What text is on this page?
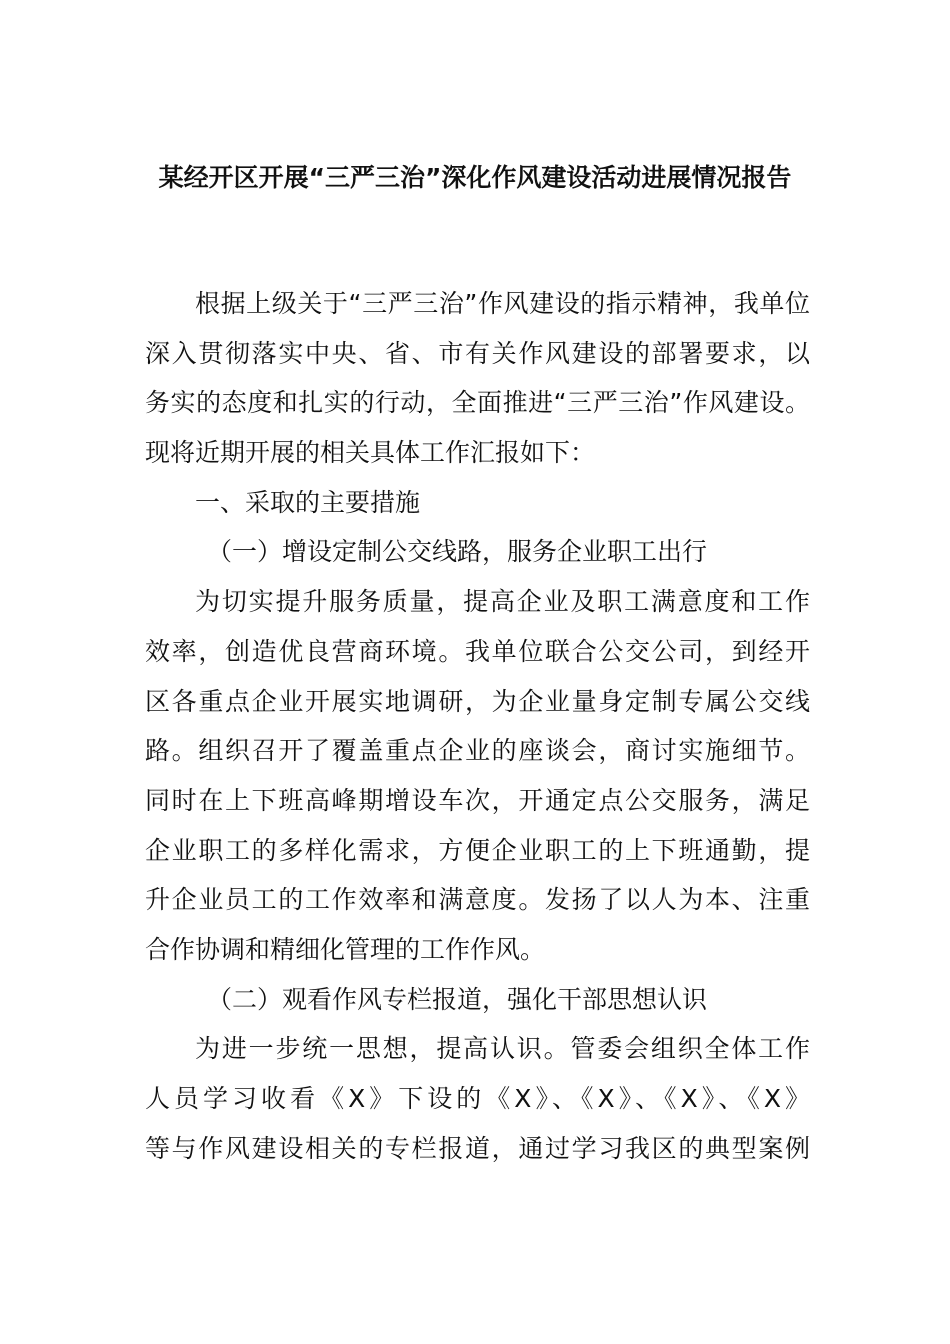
某经开区开展“三严三治”深化作风建设活动进展情况报告
根据上级关于“三严三治”作风建设的指示精神，我单位
深入贯彻落实中央、省、市有关作风建设的部署要求，以
务实的态度和扎实的行动，全面推进“三严三治”作风建设。
现将近期开展的相关具体工作汇报如下：
一、采取的主要措施
（一）增设定制公交线路，服务企业职工出行
为切实提升服务质量，提高企业及职工满意度和工作
效率，创造优良营商环境。我单位联合公交公司，到经开
区各重点企业开展实地调研，为企业量身定制专属公交线
路。组织召开了覆盖重点企业的座谈会，商讨实施细节。
同时在上下班高峰期增设车次，开通定点公交服务，满足
企业职工的多样化需求，方便企业职工的上下班通勤，提
升企业员工的工作效率和满意度。发扬了以人为本、注重
合作协调和精细化管理的工作作风。
（二）观看作风专栏报道，强化干部思想认识
为进一步统一思想，提高认识。管委会组织全体工作
人员学习收看《X》下设的《X》、《X》、《X》、《X》
等与作风建设相关的专栏报道，通过学习我区的典型案例
